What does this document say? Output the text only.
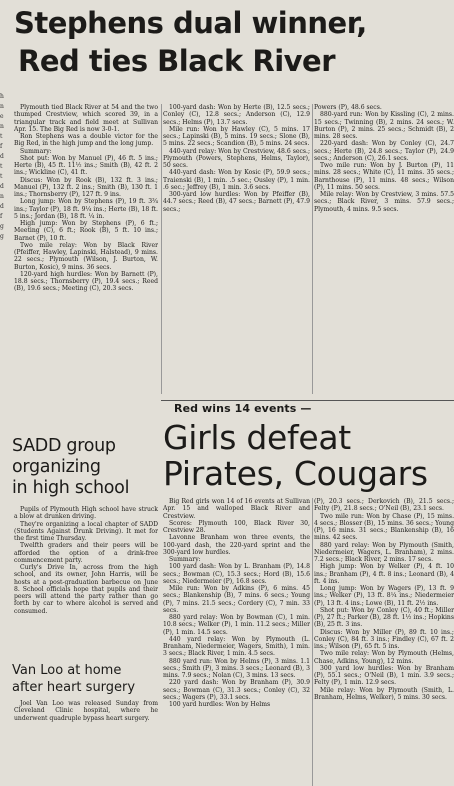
h
n
e
n
t
f
d
t
t
d
n
d
f
g
g
Stephens dual winner,
Red ties Black River

Plymouth tied Black River at 54 and the two thumped Crestview, which scored 39, in a triangular track and field meet at Sullivan Apr. 15. The Big Red is now 3-0-1.

Ron Stephens was a double victor for the Big Red, in the high jump and the long jump.

Summary:

Shot put: Won by Manuel (P), 46 ft. 5 ins.; Herte (B), 45 ft. 11½ ins.; Smith (B), 42 ft. 2 ins.; Wickline (C), 41 ft.

Discus: Won by Rook (B), 132 ft. 3 ins.; Manuel (P), 132 ft. 2 ins.; Smith (B), 130 ft. 1 ins.; Thornsberry (P), 127 ft. 9 ins.

Long jump: Won by Stephens (P), 19 ft. 3¾ ins.; Taylor (P), 18 ft. 9¼ ins.; Herte (B), 18 ft. 5 ins.; Jordan (B), 18 ft. ¼ in.

High jump: Won by Stephens (P), 6 ft.; Meeting (C), 6 ft.; Rook (B), 5 ft. 10 ins.; Barnet (P), 10 ft.

Two mile relay: Won by Black River (Pfeiffer, Hawley, Lapinski, Halstead), 9 mins. 22 secs.; Plymouth (Wilson, J. Burton, W. Burton, Kosic), 9 mins. 36 secs.

120-yard high hurdles: Won by Barnett (P), 18.8 secs.; Thornsberry (P), 19.4 secs.; Reed (B), 19.6 secs.; Meeting (C), 20.3 secs.

100-yard dash: Won by Herte (B), 12.5 secs.; Conley (C), 12.8 secs.; Anderson (C), 12.9 secs.; Helms (P), 13.7 secs.

Mile run: Won by Hawley (C), 5 mins. 17 secs.; Lapinski (B), 5 mins. 19 secs.; Slone (B), 5 mins. 22 secs.; Scandion (B), 5 mins. 24 secs.

440-yard relay: Won by Crestview, 48.6 secs.; Plymouth (Powers, Stephens, Helms, Taylor), 50 secs.

440-yard dash: Won by Kosic (P), 59.9 secs.; Traienski (B), 1 min. .5 sec.; Ousley (P), 1 min. .6 sec.; Jeffrey (B), 1 min. 3.6 secs.

300-yard low hurdles: Won by Pfeiffer (B), 44.7 secs.; Reed (B), 47 secs.; Barnett (P), 47.9 secs.;

Powers (P), 48.6 secs.

880-yard run: Won by Kissling (C), 2 mins. 15 secs.; Twinning (B), 2 mins. 24 secs.; W. Burton (P), 2 mins. 25 secs.; Schmidt (B), 2 mins. 28 secs.

220-yard dash: Won by Conley (C), 24.7 secs.; Herte (B), 24.8 secs.; Taylor (P), 24.9 secs.; Anderson (C), 26.1 secs.

Two mile run: Won by J. Burton (P), 11 mins. 28 secs.; White (C), 11 mins. 35 secs.; Barnthouse (P), 11 mins. 48 secs.; Wilson (P), 11 mins. 50 secs.

Mile relay: Won by Crestview, 3 mins. 57.5 secs.; Black River, 3 mins. 57.9 secs.; Plymouth, 4 mins. 9.5 secs.

SADD group
organizing
in high school

Pupils of Plymouth High school have struck a blow at drunken driving.

They're organizing a local chapter of SADD (Students Against Drunk Driving). It met for the first time Thursday.

Twelfth graders and their peers will be afforded the option of a drink-free commencement party.

Curly's Drive In, across from the high school, and its owner, John Harris, will be hosts at a post-graduation barbecue on June 8. School officials hope that pupils and their peers will attend the party rather than go forth by car to where alcohol is served and consumed.

Van Loo at home
after heart surgery

Joel Van Loo was released Sunday from Cleveland Clinic hospital, where he underwent quadruple bypass heart surgery.

Red wins 14 events —
Girls defeat
Pirates, Cougars

Big Red girls won 14 of 16 events at Sullivan Apr. 15 and walloped Black River and Crestview.

Scores: Plymouth 100, Black River 30, Crestview 28.

Lavonne Branham won three events, the 100-yard dash, the 220-yard sprint and the 300-yard low hurdles.

Summary:

100 yard dash: Won by L. Branham (P), 14.8 secs.; Bowman (C), 15.3 secs.; Hord (B), 15.6 secs.; Niedermeier (P), 16.8 secs.

Mile run: Won by Adkins (P), 6 mins. 45 secs.; Blankenship (B), 7 mins. 6 secs.; Young (P), 7 mins. 21.5 secs.; Cordery (C), 7 min. 33 secs.

880 yard relay: Won by Bowman (C), 1 min. 10.8 secs.; Welker (P), 1 min. 11.2 secs.; Miller (P), 1 min. 14.5 secs.

440 yard relay: Won by Plymouth (L. Branham, Niedermeier, Wagers, Smith), 1 min. 3 secs.; Black River, 1 min. 4.5 secs.

880 yard run: Won by Helms (P), 3 mins. 1.1 secs.; Smith (P), 3 mins. 3 secs.; Leonard (B), 3 mins. 7.9 secs.; Nolan (C), 3 mins. 13 secs.

220 yard dash: Won by Branham (P), 30.9 secs.; Bowman (C), 31.3 secs.; Conley (C), 32 secs.; Wagers (P), 33.1 secs.

100 yard hurdles: Won by Helms

(P), 20.3 secs.; Derkovich (B), 21.5 secs.; Felty (P), 21.8 secs.; O'Neil (B), 23.1 secs.

Two mile run: Won by Chase (P), 15 mins. 4 secs.; Blosser (B), 15 mins. 36 secs.; Young (P), 16 mins. 31 secs.; Blankenship (B), 16 mins. 42 secs.

880 yard relay: Won by Plymouth (Smith, Niedermeier, Wagers, L. Branham), 2 mins. 7.2 secs.; Black River, 2 mins. 17 secs.

High jump: Won by Welker (P), 4 ft. 10 ins.; Branham (P), 4 ft. 8 ins.; Leonard (B), 4 ft. 4 ins.

Long jump: Won by Wagers (P), 13 ft. 9 ins.; Welker (P), 13 ft. 8¼ ins.; Niedermeier (P), 13 ft. 4 ins.; Lowe (B), 11 ft. 2½ ins.

Shot put: Won by Conley (C), 40 ft.; Miller (P), 27 ft.; Parker (B), 28 ft. 1½ ins.; Hopkins (B), 25 ft. 3 ins.

Discus: Won by Miller (P), 89 ft. 10 ins.; Conley (C), 84 ft. 3 ins.; Findley (C), 67 ft. 2 ins.; Wilson (P), 65 ft. 5 ins.

Two mile relay: Won by Plymouth (Helms, Chase, Adkins, Young), 12 mins.

300 yard low hurdles: Won by Branham (P), 55.1 secs.; O'Neil (B), 1 min. 3.9 secs.; Felty (P), 1 min. 12.9 secs.

Mile relay: Won by Plymouth (Smith, L. Branham, Helms, Welker), 5 mins. 30 secs.
